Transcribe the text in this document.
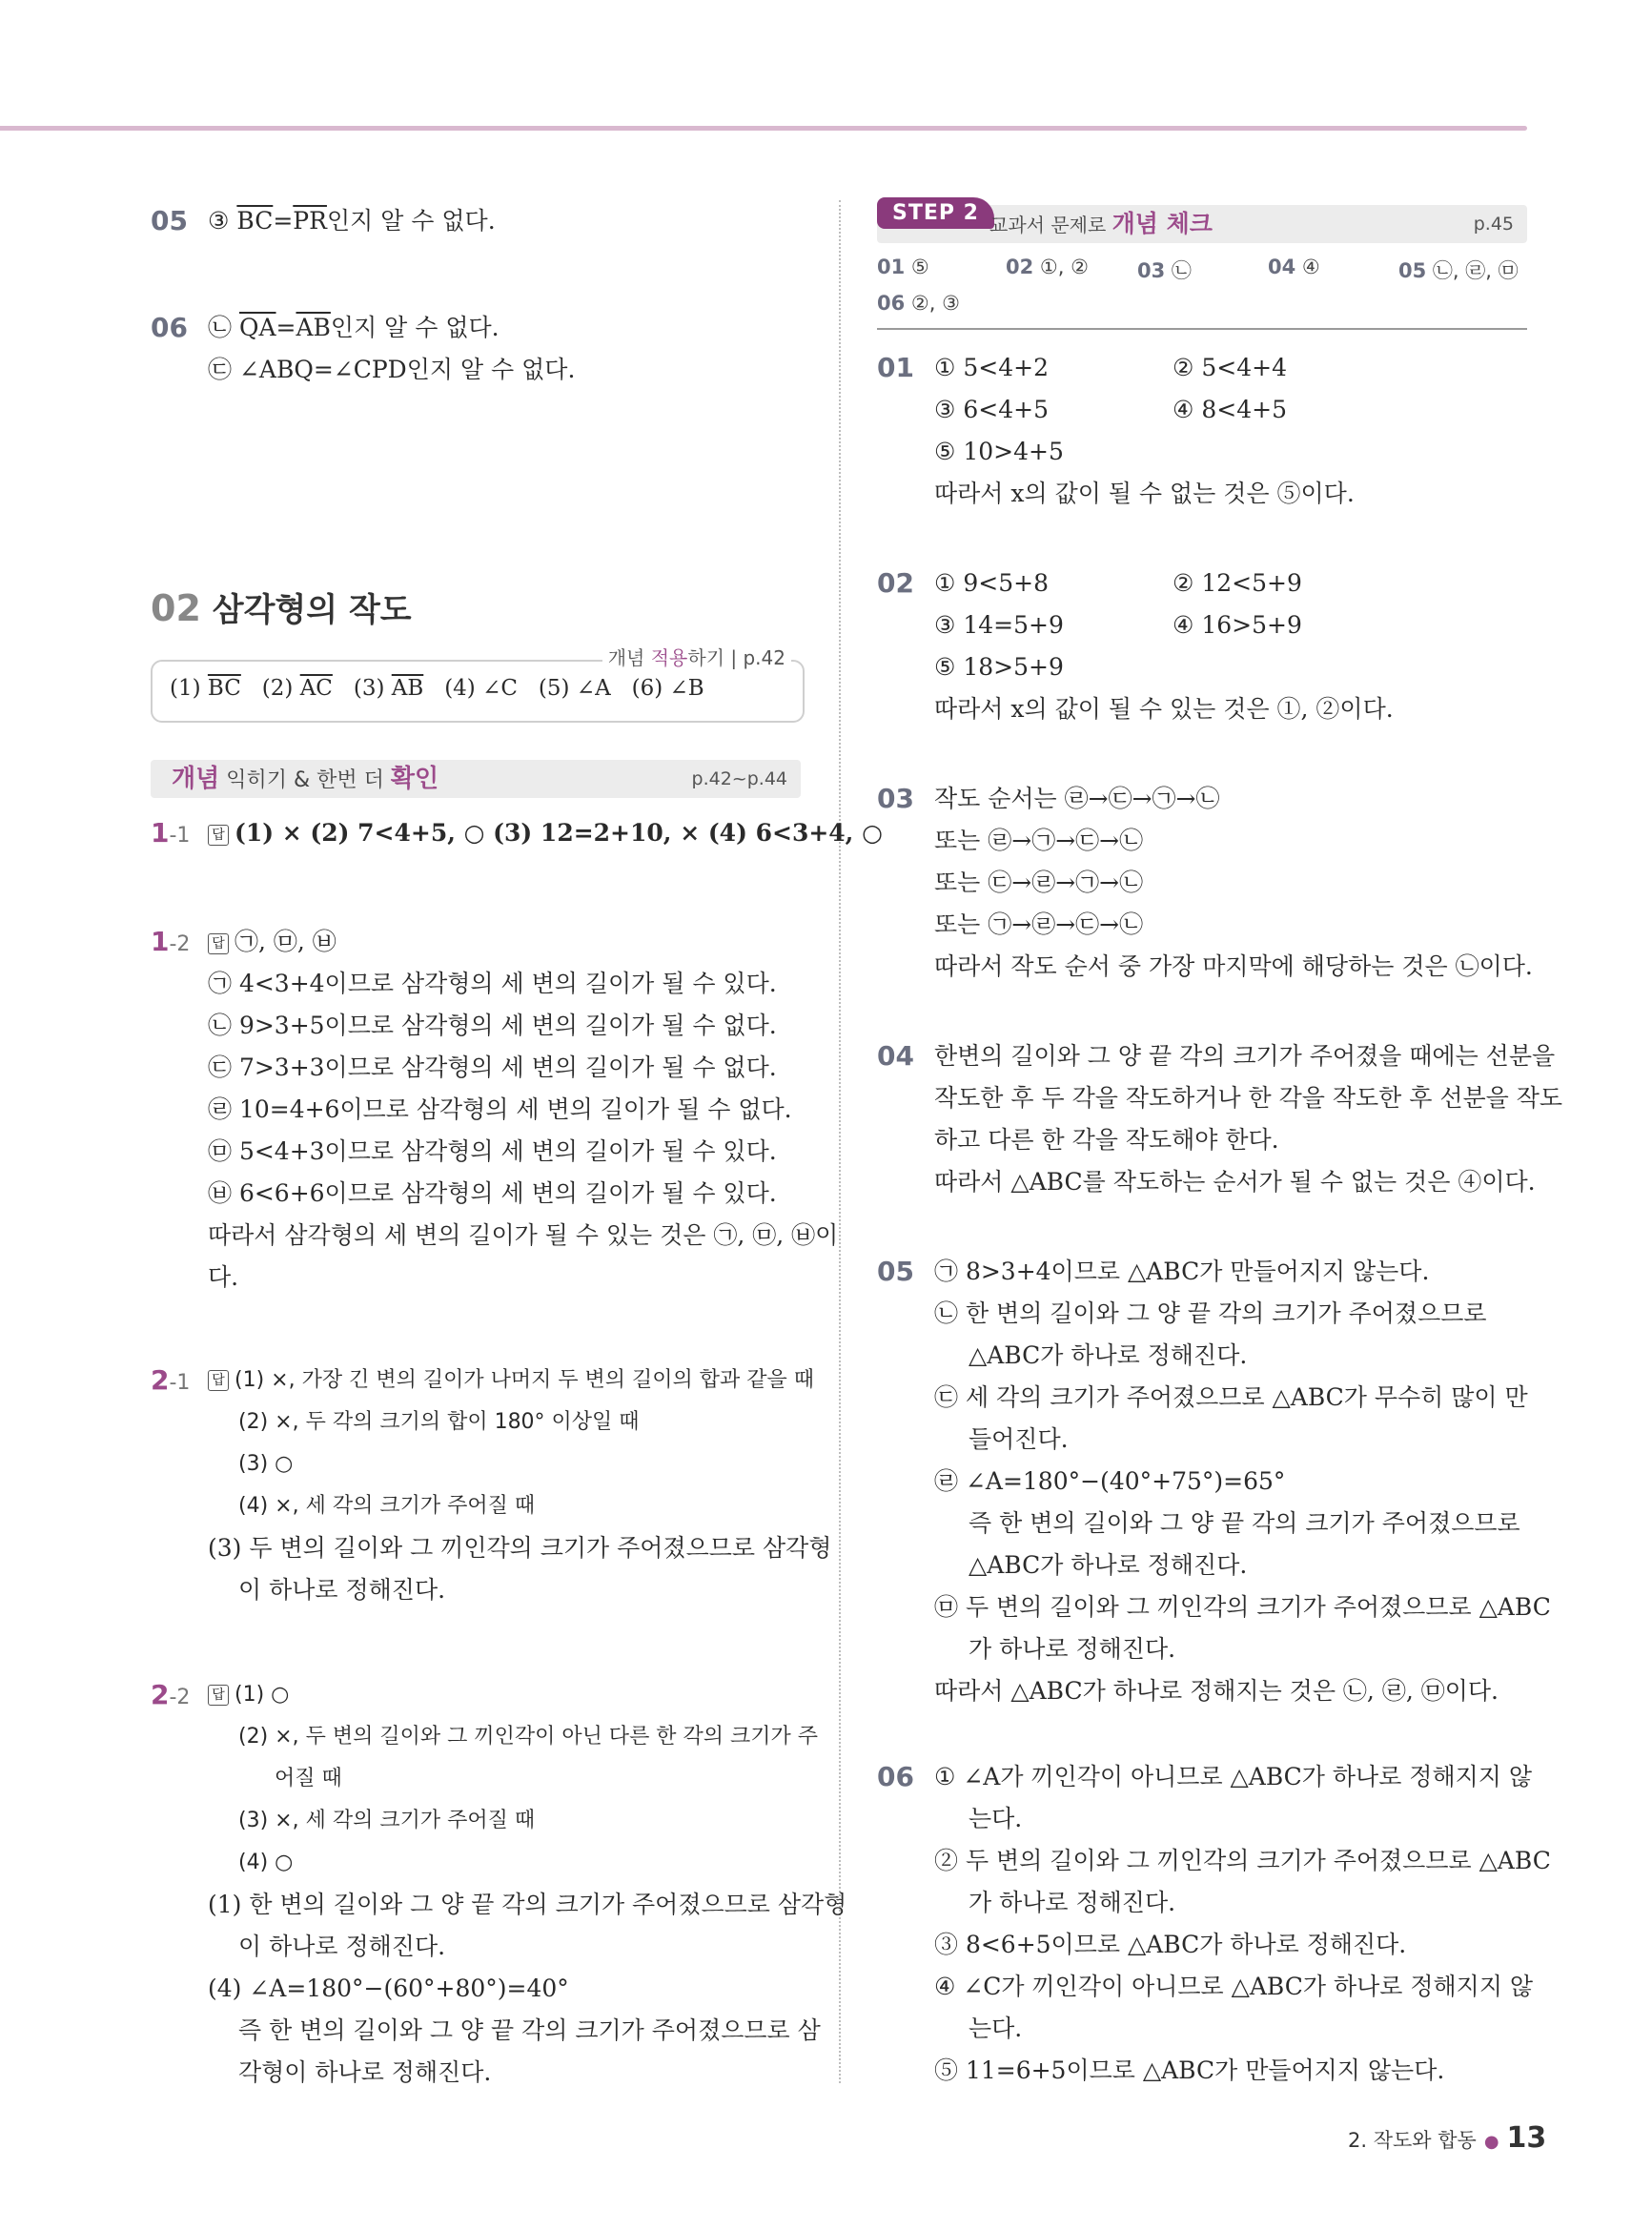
05 ③ $\overline{BC}=\overline{PR}$인지 알 수 없다.
06 ㉡ $\overline{QA}=\overline{AB}$인지 알 수 없다.
㉢ ∠ABQ=∠CPD인지 알 수 없다.
02 삼각형의 작도
개념 적용하기 | p.42
(1) $\overline{BC}$ (2) $\overline{AC}$ (3) $\overline{AB}$ (4) ∠C (5) ∠A (6) ∠B
개념 익히기 & 한번 더 확인	p.42~p.44
1-1	답 (1) × (2) 7<4+5, ○ (3) 12=2+10, × (4) 6<3+4, ○
1-2	답 ㉠, ㉤, ㉥
㉠ 4<3+4이므로 삼각형의 세 변의 길이가 될 수 있다.
㉡ 9>3+5이므로 삼각형의 세 변의 길이가 될 수 없다.
㉢ 7>3+3이므로 삼각형의 세 변의 길이가 될 수 없다.
㉣ 10=4+6이므로 삼각형의 세 변의 길이가 될 수 없다.
㉤ 5<4+3이므로 삼각형의 세 변의 길이가 될 수 있다.
㉥ 6<6+6이므로 삼각형의 세 변의 길이가 될 수 있다.
따라서 삼각형의 세 변의 길이가 될 수 있는 것은 ㉠, ㉤, ㉥이
다.
2-1	답 (1) ×, 가장 긴 변의 길이가 나머지 두 변의 길이의 합과 같을 때
(2) ×, 두 각의 크기의 합이 180° 이상일 때
(3) ○
(4) ×, 세 각의 크기가 주어질 때
(3) 두 변의 길이와 그 끼인각의 크기가 주어졌으므로 삼각형
이 하나로 정해진다.
2-2	답 (1) ○
(2) ×, 두 변의 길이와 그 끼인각이 아닌 다른 한 각의 크기가 주
어질 때
(3) ×, 세 각의 크기가 주어질 때
(4) ○
(1) 한 변의 길이와 그 양 끝 각의 크기가 주어졌으므로 삼각형
이 하나로 정해진다.
(4) ∠A=180°−(60°+80°)=40°
즉 한 변의 길이와 그 양 끝 각의 크기가 주어졌으므로 삼
각형이 하나로 정해진다.
STEP 2 교과서 문제로 개념 체크	p.45
01 ⑤	02 ①, ② 03 ㉡	04 ④	05 ㉡, ㉣, ㉤
06 ②, ③
01 ① 5<4+2	② 5<4+4
③ 6<4+5	④ 8<4+5
⑤ 10>4+5
따라서 x의 값이 될 수 없는 것은 ⑤이다.
02 ① 9<5+8	② 12<5+9
③ 14=5+9	④ 16>5+9
⑤ 18>5+9
따라서 x의 값이 될 수 있는 것은 ①, ②이다.
03 작도 순서는 ㉣→㉢→㉠→㉡
또는 ㉣→㉠→㉢→㉡
또는 ㉢→㉣→㉠→㉡
또는 ㉠→㉣→㉢→㉡
따라서 작도 순서 중 가장 마지막에 해당하는 것은 ㉡이다.
04 한변의 길이와 그 양 끝 각의 크기가 주어졌을 때에는 선분을
작도한 후 두 각을 작도하거나 한 각을 작도한 후 선분을 작도
하고 다른 한 각을 작도해야 한다.
따라서 △ABC를 작도하는 순서가 될 수 없는 것은 ④이다.
05 ㉠ 8>3+4이므로 △ABC가 만들어지지 않는다.
㉡ 한 변의 길이와 그 양 끝 각의 크기가 주어졌으므로
△ABC가 하나로 정해진다.
㉢ 세 각의 크기가 주어졌으므로 △ABC가 무수히 많이 만
들어진다.
㉣ ∠A=180°−(40°+75°)=65°
즉 한 변의 길이와 그 양 끝 각의 크기가 주어졌으므로
△ABC가 하나로 정해진다.
㉤ 두 변의 길이와 그 끼인각의 크기가 주어졌으므로 △ABC
가 하나로 정해진다.
따라서 △ABC가 하나로 정해지는 것은 ㉡, ㉣, ㉤이다.
06 ① ∠A가 끼인각이 아니므로 △ABC가 하나로 정해지지 않
는다.
② 두 변의 길이와 그 끼인각의 크기가 주어졌으므로 △ABC
가 하나로 정해진다.
③ 8<6+5이므로 △ABC가 하나로 정해진다.
④ ∠C가 끼인각이 아니므로 △ABC가 하나로 정해지지 않
는다.
⑤ 11=6+5이므로 △ABC가 만들어지지 않는다.
2. 작도와 합동 ● 13
